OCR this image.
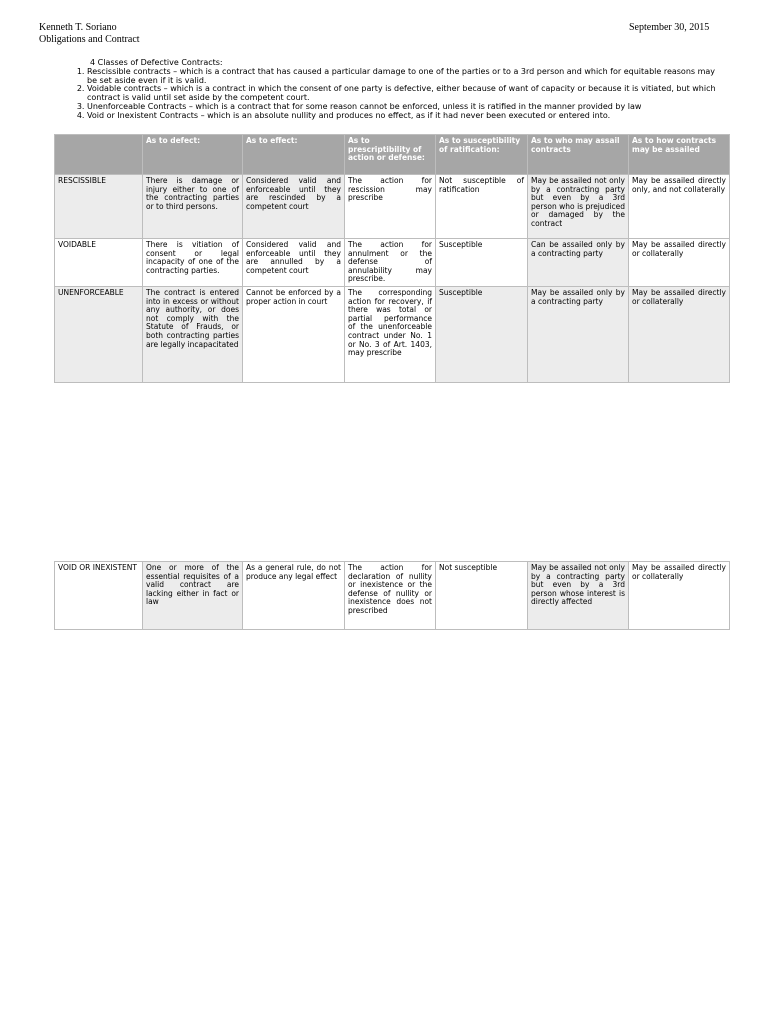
Kenneth T. Soriano
Obligations and Contract
September 30, 2015
4 Classes of Defective Contracts:
1. Rescissible contracts – which is a contract that has caused a particular damage to one of the parties or to a 3rd person and which for equitable reasons may be set aside even if it is valid.
2. Voidable contracts – which is a contract in which the consent of one party is defective, either because of want of capacity or because it is vitiated, but which contract is valid until set aside by the competent court.
3. Unenforceable Contracts – which is a contract that for some reason cannot be enforced, unless it is ratified in the manner provided by law
4. Void or Inexistent Contracts – which is an absolute nullity and produces no effect, as if it had never been executed or entered into.
	As to defect:	As to effect:	As to prescriptibility of action or defense:	As to susceptibility of ratification:	As to who may assail contracts	As to how contracts may be assailed
RESCISSIBLE	There is damage or injury either to one of the contracting parties or to third persons.	Considered valid and enforceable until they are rescinded by a competent court	The action for rescission may prescribe	Not susceptible of ratification	May be assailed not only by a contracting party but even by a 3rd person who is prejudiced or damaged by the contract	May be assailed directly only, and not collaterally
VOIDABLE	There is vitiation of consent or legal incapacity of one of the contracting parties.	Considered valid and enforceable until they are annulled by a competent court	The action for annulment or the defense of annulability may prescribe.	Susceptible	Can be assailed only by a contracting party	May be assailed directly or collaterally
UNENFORCEABLE	The contract is entered into in excess or without any authority, or does not comply with the Statute of Frauds, or both contracting parties are legally incapacitated	Cannot be enforced by a proper action in court	The corresponding action for recovery, if there was total or partial performance of the unenforceable contract under No. 1 or No. 3 of Art. 1403, may prescribe	Susceptible	May be assailed only by a contracting party	May be assailed directly or collaterally
VOID OR INEXISTENT	One or more of the essential requisites of a valid contract are lacking either in fact or law	As a general rule, do not produce any legal effect	The action for declaration of nullity or inexistence or the defense of nullity or inexistence does not prescribed	Not susceptible	May be assailed not only by a contracting party but even by a 3rd person whose interest is directly affected	May be assailed directly or collaterally
